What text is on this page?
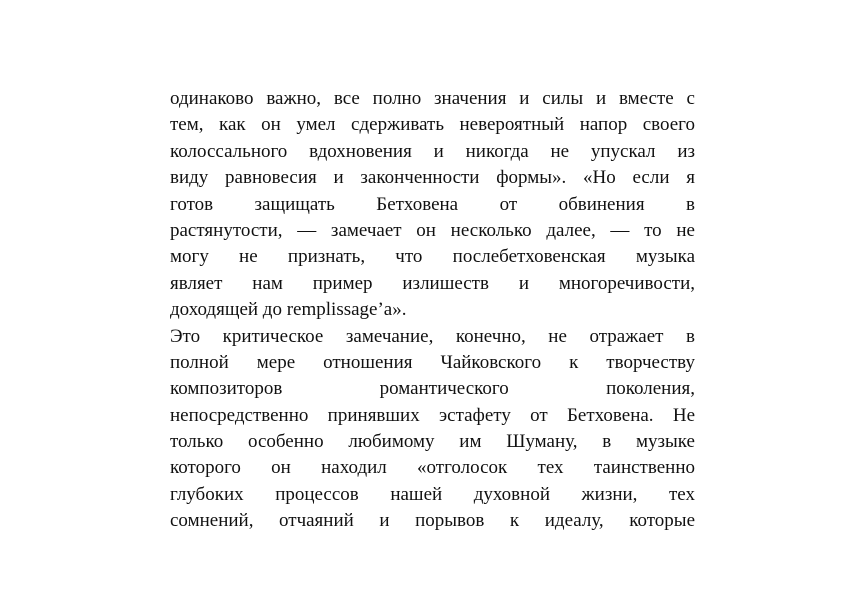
одинаково важно, все полно значения и силы и вместе с
тем, как он умел сдерживать невероятный напор своего
колоссального вдохновения и никогда не упускал из
виду равновесия и законченности формы». «Но если я
готов защищать Бетховена от обвинения в
растянутости, — замечает он несколько далее, — то не
могу не признать, что послебетховенская музыка
являет нам пример излишеств и многоречивости,
доходящей до remplissage’а».
Это критическое замечание, конечно, не отражает в
полной мере отношения Чайковского к творчеству
композиторов романтического поколения,
непосредственно принявших эстафету от Бетховена. Не
только особенно любимому им Шуману, в музыке
которого он находил «отголосок тех таинственно
глубоких процессов нашей духовной жизни, тех
сомнений, отчаяний и порывов к идеалу, которые
